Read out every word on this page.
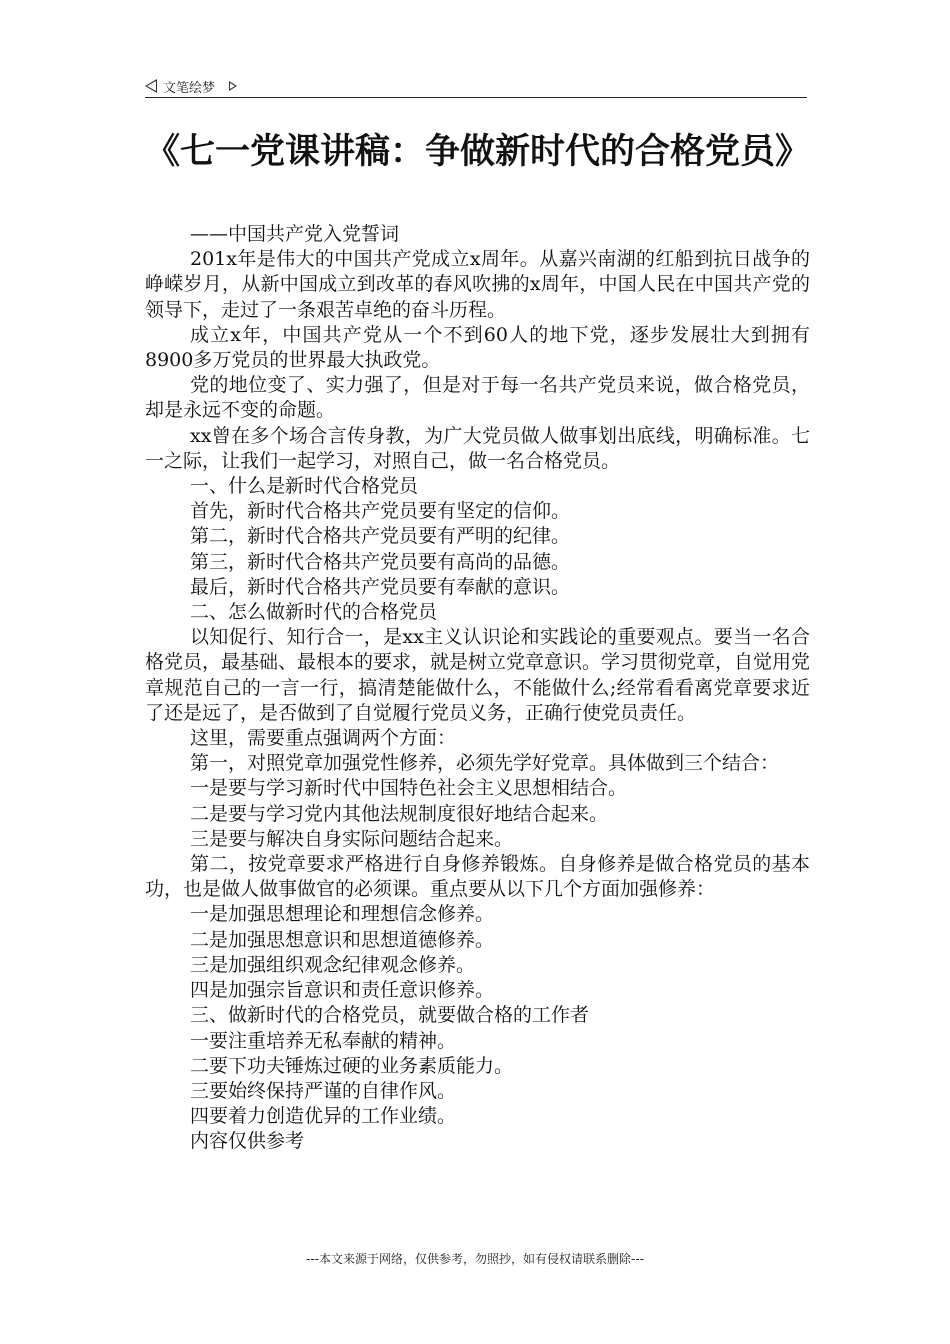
文笔绘梦
《七一党课讲稿：争做新时代的合格党员》

——中国共产党入党誓词

201x年是伟大的中国共产党成立x周年。从嘉兴南湖的红船到抗日战争的峥嵘岁月，从新中国成立到改革的春风吹拂的x周年，中国人民在中国共产党的领导下，走过了一条艰苦卓绝的奋斗历程。

成立x年，中国共产党从一个不到60人的地下党，逐步发展壮大到拥有8900多万党员的世界最大执政党。

党的地位变了、实力强了，但是对于每一名共产党员来说，做合格党员，却是永远不变的命题。

xx曾在多个场合言传身教，为广大党员做人做事划出底线，明确标准。七一之际，让我们一起学习，对照自己，做一名合格党员。

一、什么是新时代合格党员

首先，新时代合格共产党员要有坚定的信仰。

第二，新时代合格共产党员要有严明的纪律。

第三，新时代合格共产党员要有高尚的品德。

最后，新时代合格共产党员要有奉献的意识。

二、怎么做新时代的合格党员

以知促行、知行合一，是xx主义认识论和实践论的重要观点。要当一名合格党员，最基础、最根本的要求，就是树立党章意识。学习贯彻党章，自觉用党章规范自己的一言一行，搞清楚能做什么，不能做什么;经常看看离党章要求近了还是远了，是否做到了自觉履行党员义务，正确行使党员责任。

这里，需要重点强调两个方面：

第一，对照党章加强党性修养，必须先学好党章。具体做到三个结合：

一是要与学习新时代中国特色社会主义思想相结合。

二是要与学习党内其他法规制度很好地结合起来。

三是要与解决自身实际问题结合起来。

第二，按党章要求严格进行自身修养锻炼。自身修养是做合格党员的基本功，也是做人做事做官的必须课。重点要从以下几个方面加强修养：

一是加强思想理论和理想信念修养。

二是加强思想意识和思想道德修养。

三是加强组织观念纪律观念修养。

四是加强宗旨意识和责任意识修养。

三、做新时代的合格党员，就要做合格的工作者

一要注重培养无私奉献的精神。

二要下功夫锤炼过硬的业务素质能力。

三要始终保持严谨的自律作风。

四要着力创造优异的工作业绩。

内容仅供参考

---本文来源于网络，仅供参考，勿照抄，如有侵权请联系删除---
